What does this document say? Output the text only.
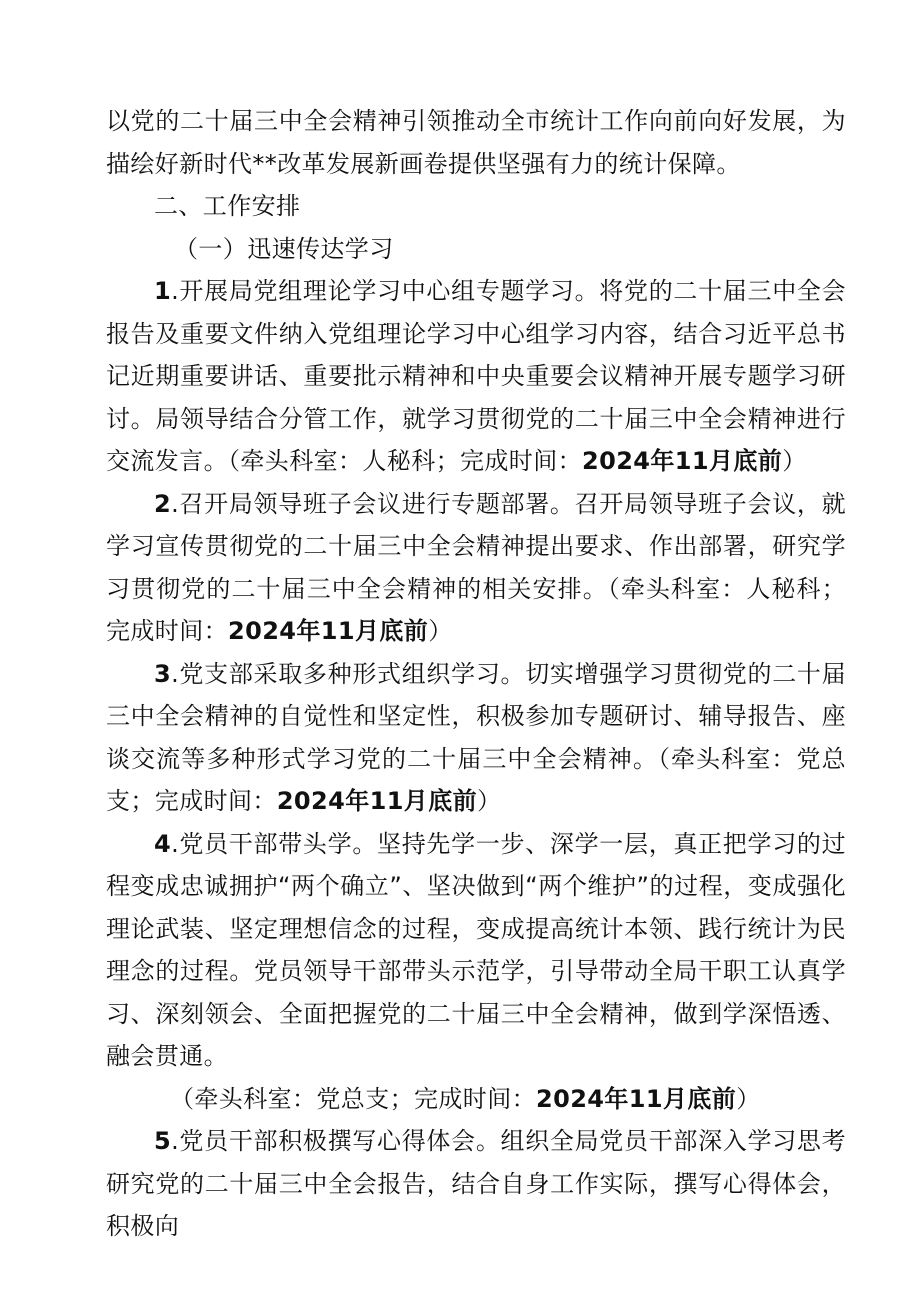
以党的二十届三中全会精神引领推动全市统计工作向前向好发展，为描绘好新时代**改革发展新画卷提供坚强有力的统计保障。

二、工作安排

（一）迅速传达学习

1.开展局党组理论学习中心组专题学习。将党的二十届三中全会报告及重要文件纳入党组理论学习中心组学习内容，结合习近平总书记近期重要讲话、重要批示精神和中央重要会议精神开展专题学习研讨。局领导结合分管工作，就学习贯彻党的二十届三中全会精神进行交流发言。（牵头科室：人秘科；完成时间：2024年11月底前）

2.召开局领导班子会议进行专题部署。召开局领导班子会议，就学习宣传贯彻党的二十届三中全会精神提出要求、作出部署，研究学习贯彻党的二十届三中全会精神的相关安排。（牵头科室：人秘科；完成时间：2024年11月底前）

3.党支部采取多种形式组织学习。切实增强学习贯彻党的二十届三中全会精神的自觉性和坚定性，积极参加专题研讨、辅导报告、座谈交流等多种形式学习党的二十届三中全会精神。（牵头科室：党总支；完成时间：2024年11月底前）

4.党员干部带头学。坚持先学一步、深学一层，真正把学习的过程变成忠诚拥护“两个确立”、坚决做到“两个维护”的过程，变成强化理论武装、坚定理想信念的过程，变成提高统计本领、践行统计为民理念的过程。党员领导干部带头示范学，引导带动全局干职工认真学习、深刻领会、全面把握党的二十届三中全会精神，做到学深悟透、融会贯通。

（牵头科室：党总支；完成时间：2024年11月底前）

5.党员干部积极撰写心得体会。组织全局党员干部深入学习思考研究党的二十届三中全会报告，结合自身工作实际，撰写心得体会，积极向
